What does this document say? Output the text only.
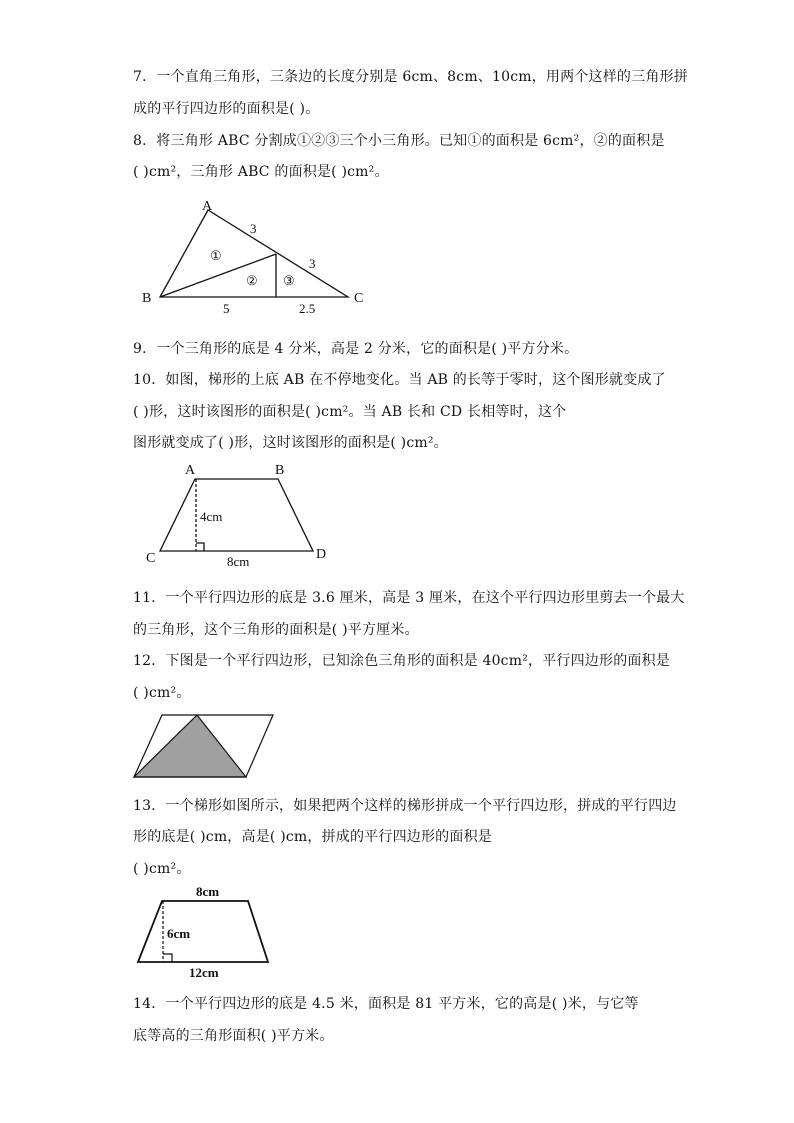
7．一个直角三角形，三条边的长度分别是 6cm、8cm、10cm，用两个这样的三角形拼
成的平行四边形的面积是( )。
8．将三角形 ABC 分割成①②③三个小三角形。已知①的面积是 6cm²，②的面积是
( )cm²，三角形 ABC 的面积是( )cm²。
A
B	C
①
② ③
3
3
5	2.5
9．一个三角形的底是 4 分米，高是 2 分米，它的面积是( )平方分米。
10．如图，梯形的上底 AB 在不停地变化。当 AB 的长等于零时，这个图形就变成了
( )形，这时该图形的面积是( )cm²。当 AB 长和 CD 长相等时，这个
图形就变成了( )形，这时该图形的面积是( )cm²。
A	B
C	D
4cm
8cm
11．一个平行四边形的底是 3.6 厘米，高是 3 厘米，在这个平行四边形里剪去一个最大
的三角形，这个三角形的面积是( )平方厘米。
12．下图是一个平行四边形，已知涂色三角形的面积是 40cm²，平行四边形的面积是
( )cm²。
13．一个梯形如图所示，如果把两个这样的梯形拼成一个平行四边形，拼成的平行四边
形的底是( )cm，高是( )cm，拼成的平行四边形的面积是
( )cm²。
8cm
6cm
12cm
14．一个平行四边形的底是 4.5 米，面积是 81 平方米，它的高是( )米，与它等
底等高的三角形面积( )平方米。
